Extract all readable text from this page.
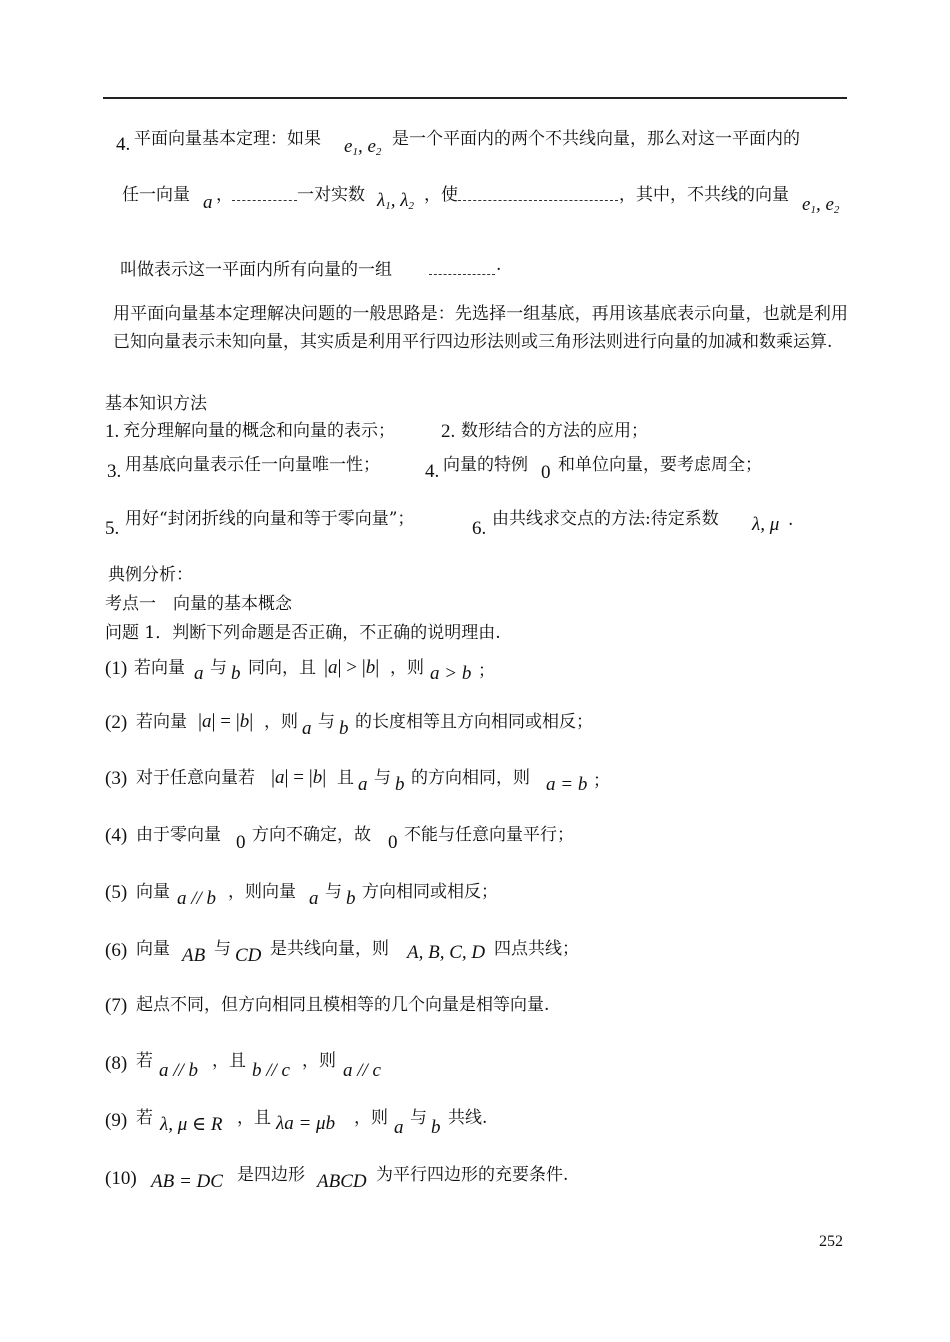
4. 平面向量基本定理：如果 $e_1$, $e_2$
是一个平面内的两个不共线向量，那么对这一平面内的
任一向量 a ，	一对实数 $\lambda_1$, $\lambda_2$
，使	，其中，不共线的向量 $e_1$, $e_2$
叫做表示这一平面内所有向量的一组	.
用平面向量基本定理解决问题的一般思路是：先选择一组基底，再用该基底表示向量，也就是利用已知向量表示未知向量，其实质是利用平行四边形法则或三角形法则进行向量的加减和数乘运算.
基本知识方法
1. 充分理解向量的概念和向量的表示； 2. 数形结合的方法的应用；
3. 用基底向量表示任一向量唯一性； 4. 向量的特例 0 和单位向量，要考虑周全；
5. 用好“封闭折线的向量和等于零向量”；	6. 由共线求交点的方法:待定系数 λ, μ .
典例分析：
考点一　向量的基本概念
问题 1．判断下列命题是否正确，不正确的说明理由.
(1) 若向量 a 与 b 同向，且 |a| > |b| ，则 a > b ；
(2) 若向量 |a| = |b| ，则 a 与 b 的长度相等且方向相同或相反；
(3) 对于任意向量若 |a| = |b| 且 a 与 b 的方向相同，则 a = b ；
(4) 由于零向量 0 方向不确定，故 0 不能与任意向量平行；
(5) 向量 a // b ，则向量 a 与 b 方向相同或相反；
(6) 向量 AB 与 CD 是共线向量，则 A, B, C, D 四点共线；
(7) 起点不同，但方向相同且模相等的几个向量是相等向量.
(8) 若 a // b ，且 b // c ，则 a // c
(9) 若 λ, μ ∈ R ，且 λa = μb ，则 a 与 b 共线.
(10) AB = DC 是四边形 ABCD 为平行四边形的充要条件.
252
